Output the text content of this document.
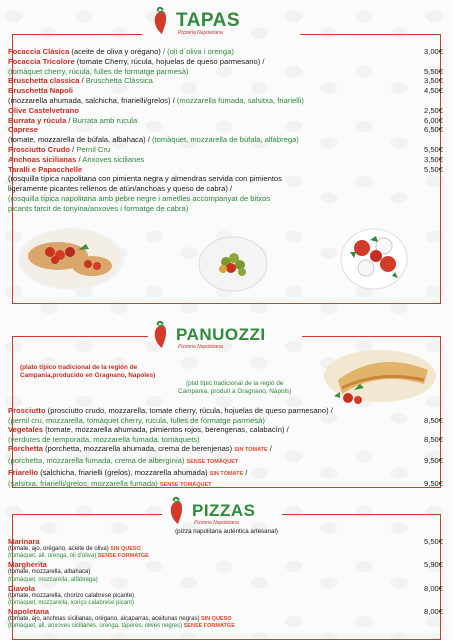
TAPAS
Pizzeria Napoletana
Focaccia Clásica (aceite de oliva y orégano) / (oli d´oliva i orenga)	3,00€
Focaccia Tricolore (tomate Cherry, rúcula, hojuelas de queso parmesano) /
(tomàquet cherry, rúcula, fulles de formatge parmesà)	5,50€
Bruschetta classica / Bruschetta Clàssica	3,50€
Bruschetta Napoli	4,50€
(mozzarella ahumada, salchicha, friarielli/grelos) / (mozzarella fumada, salsitxa, friarielli)
Olive Castelvetrano	2,50€
Burrata y rúcula / Burrata amb rucula	6,00€
Caprese	6,50€
(tomate, mozzarella de búfala, albahaca) / (tomàquet, mozzarella de búfala, alfàbrega)
Prosciutto Crudo / Pernil Cru	5,50€
Anchoas sicilianas / Anxoves sicilianes	3,50€
Taralli e Papacchelle	5,50€
(rosquilla típica napolitana con pimienta negra y almendras servida con pimientos
ligeramente picantes rellenos de atún/anchoas y queso de cabra) /
(rosquilla típica napolitana amb pebre negre i ametlles accompanyat de bitxos
picants farcit de tonyina/anxoves i formatge de cabra)
PANUOZZI
Pizzeria Napoletana
(plato típico tradicional de la región de
Campania,producido en Gragnano, Napoles)
(plat típic tradicional de la regió de
Campania, produit a Gragnano, Nàpols)
Prosciutto (prosciutto crudo, mozzarella, tomate cherry, rúcula, hojuelas de queso parmesano) /
(pernil cru, mozzarella, tomàquet cherry, rucula, fulles de formatge parmesà)	8,50€
Vegetales (tomate, mozzarella ahumada, pimientos rojos, berengenas, calabacín) /
(verdures de temporada, mozzarella fumada, tomàquets)	8,50€
Porchetta (porchetta, mozzarella ahumada, crema de berenjenas) SIN TOMATE /
(porchetta, mozzarella fumada, crema de albergínia) SENSE TOMÀQUET	9,50€
Friarello (salchicha, friarielli (grelos), mozzarella ahumada) SIN TOMATE /
(salsitxa, friarielli/grelos, mozzarella fumada) SENSE TOMÀQUET	9,50€
PIZZAS
Pizzeria Napoletana
(pizza napolitana auténtica artesanal)
Marinara	5,50€
(tomate, ajo, orégano, aceite de oliva) SIN QUESO
(tomàquet, all, orenga, oli d'oliva) SENSE FORMATGE
Margherita	5,90€
(tomate, mozzarella, albahaca)
(tomàquet, mozzarella, alfàbrega)
Diavola	8,00€
(tomate, mozzarella, chorizo calabrese picante)
(tomàquet, mozzarella, xoriço calabrese picant)
Napoletana	8,00€
(tomate, ajo, anchoas sicilianas, orégano, alcaparras, aceitunas negras) SIN QUESO
(tomàquet, all, anxoves sicilianes, orenga, tàperes, olives negres) SENSE FORMATGE
